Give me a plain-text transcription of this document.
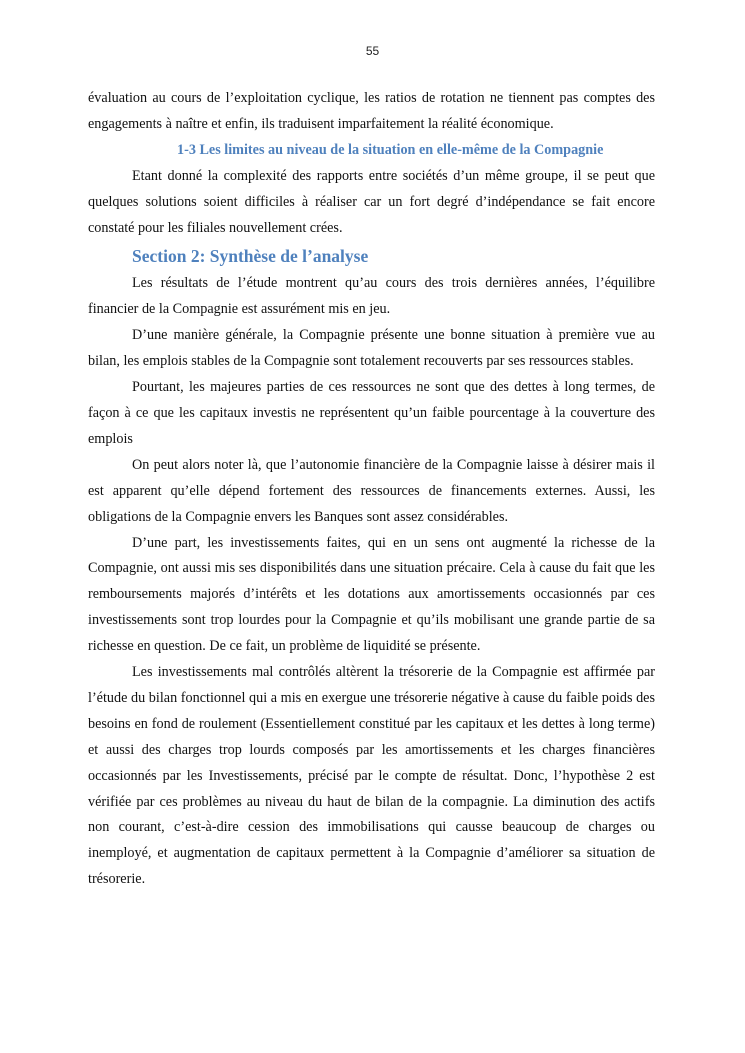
55

évaluation au cours de l’exploitation cyclique, les ratios de rotation ne tiennent pas comptes des engagements à naître et enfin, ils traduisent imparfaitement la réalité économique.

1-3 Les limites au niveau de la situation en elle-même de la Compagnie

Etant donné la complexité des rapports entre sociétés d’un même groupe, il se peut que quelques solutions soient difficiles à réaliser car un fort degré d’indépendance se fait encore constaté pour les filiales nouvellement crées.

Section 2: Synthèse de l’analyse

Les résultats de l’étude montrent qu’au cours des trois dernières années, l’équilibre financier de la Compagnie est assurément mis en jeu.

D’une manière générale, la Compagnie présente une bonne situation à première vue au bilan, les emplois stables de la Compagnie sont totalement recouverts par ses ressources stables.

Pourtant, les majeures parties de ces ressources ne sont que des dettes à long termes, de façon à ce que les capitaux investis ne représentent qu’un faible pourcentage à la couverture des emplois

On peut alors noter là, que l’autonomie financière de la Compagnie laisse à désirer mais il est apparent qu’elle dépend fortement des ressources de financements externes. Aussi, les obligations de la Compagnie envers les Banques sont assez considérables.

D’une part, les investissements faites, qui en un sens ont augmenté la richesse de la Compagnie, ont aussi mis ses disponibilités dans une situation précaire. Cela à cause du fait que les remboursements majorés d’intérêts et les dotations aux amortissements occasionnés par ces investissements sont trop lourdes pour la Compagnie et qu’ils mobilisant une grande partie de sa richesse en question. De ce fait, un problème de liquidité se présente.

Les investissements mal contrôlés altèrent la trésorerie de la Compagnie est affirmée par l’étude du bilan fonctionnel qui a mis en exergue une trésorerie négative à cause du faible poids des besoins en fond de roulement (Essentiellement constitué par les capitaux et les dettes à long terme) et aussi des charges trop lourds composés par les amortissements et les charges financières occasionnés par les Investissements, précisé par le compte de résultat. Donc, l’hypothèse 2 est vérifiée par ces problèmes au niveau du haut de bilan de la compagnie. La diminution des actifs non courant, c’est-à-dire cession des immobilisations qui causse beaucoup de charges ou inemployé, et augmentation de capitaux permettent à la Compagnie d’améliorer sa situation de trésorerie.
